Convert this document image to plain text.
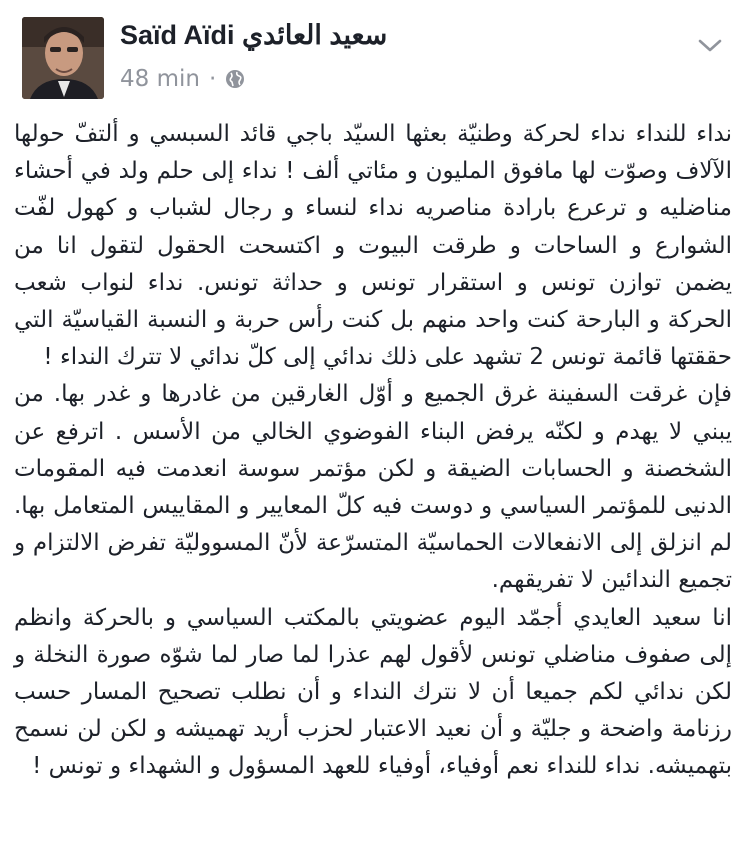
Saïd Aïdi سعيد العائدي
48 min ·

نداء للنداء نداء لحركة وطنيّة بعثها السيّد باجي قائد السبسي و ألتفّ حولها الآلاف وصوّت لها مافوق المليون و مئاتي ألف ! نداء إلى حلم ولد في أحشاء مناضليه و ترعرع بارادة مناصريه نداء لنساء و رجال لشباب و كهول لفّت الشوارع و الساحات و طرقت البيوت و اكتسحت الحقول لتقول انا من يضمن توازن تونس و استقرار تونس و حداثة تونس. نداء لنواب شعب الحركة و البارحة كنت واحد منهم بل كنت رأس حربة و النسبة القياسيّة التي حققتها قائمة تونس 2 تشهد على ذلك ندائي إلى كلّ ندائي لا تترك النداء !

فإن غرقت السفينة غرق الجميع و أوّل الغارقين من غادرها و غدر بها. من يبني لا يهدم و لكنّه يرفض البناء الفوضوي الخالي من الأسس . اترفع عن الشخصنة و الحسابات الضيقة و لكن مؤتمر سوسة انعدمت فيه المقومات الدنيى للمؤتمر السياسي و دوست فيه كلّ المعايير و المقاييس المتعامل بها. لم انزلق إلى الانفعالات الحماسيّة المتسرّعة لأنّ المسووليّة تفرض الالتزام و تجميع الندائين لا تفريقهم.

انا سعيد العايدي أجمّد اليوم عضويتي بالمكتب السياسي و بالحركة وانظم إلى صفوف مناضلي تونس لأقول لهم عذرا لما صار لما شوّه صورة النخلة و لكن ندائي لكم جميعا أن لا نترك النداء و أن نطلب تصحيح المسار حسب رزنامة واضحة و جليّة و أن نعيد الاعتبار لحزب أريد تهميشه و لكن لن نسمح بتهميشه. نداء للنداء نعم أوفياء، أوفياء للعهد المسؤول و الشهداء و تونس !
